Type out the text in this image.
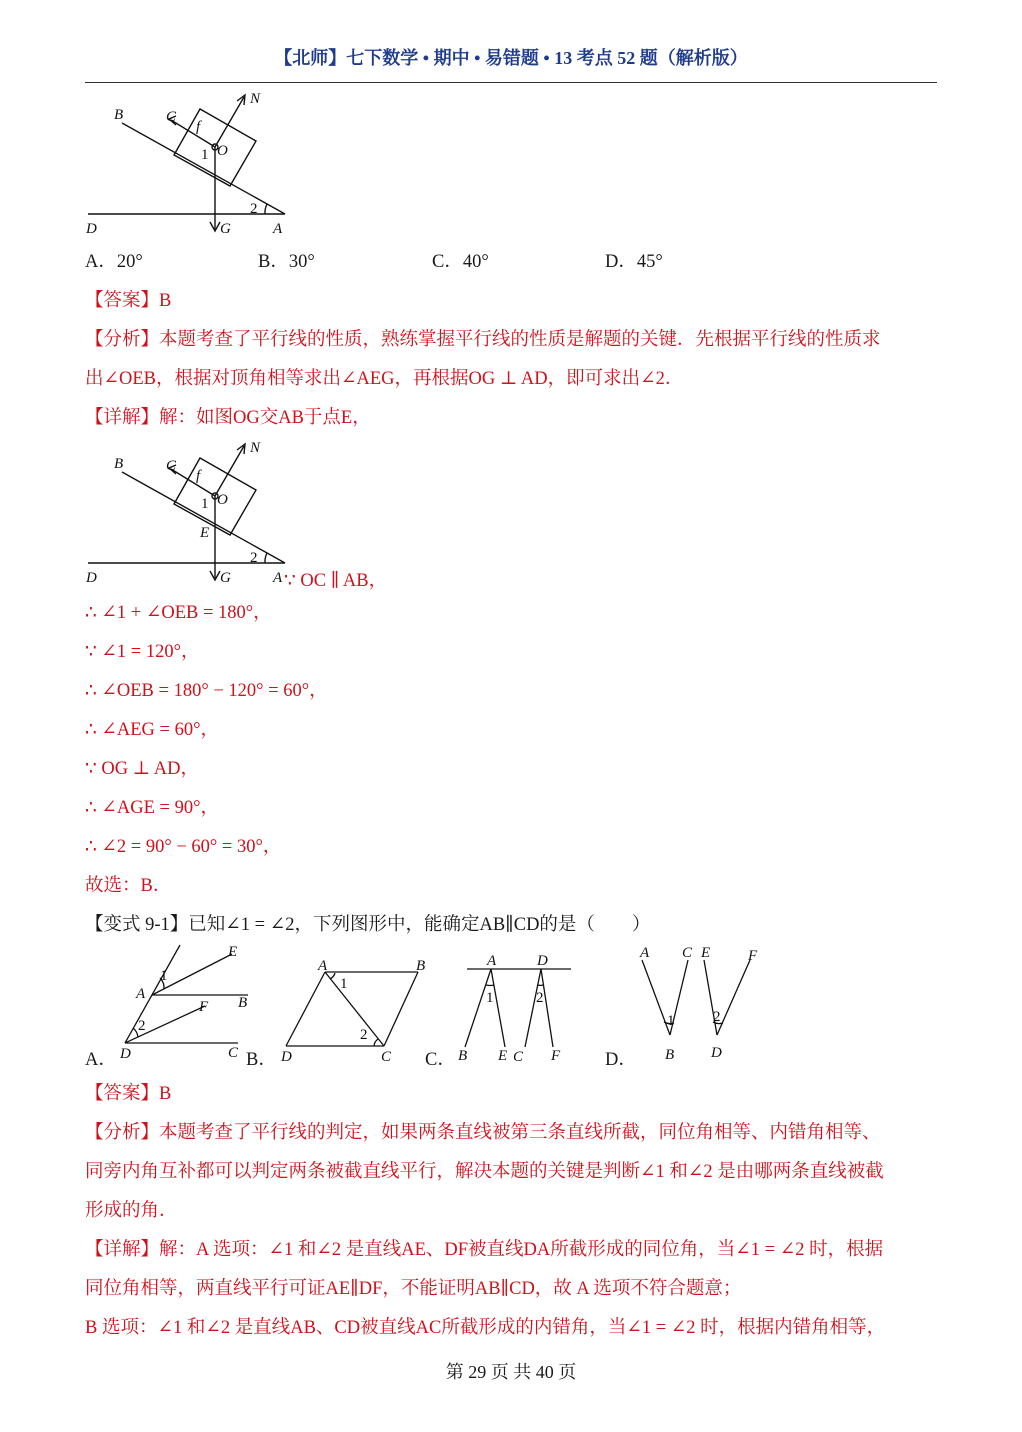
【北师】七下数学 • 期中 • 易错题 • 13 考点 52 题（解析版）
B	C
f
N
1 O
2
D	G	A
A．20°	B．30°	C．40°	D．45°
【答案】B
【分析】本题考查了平行线的性质，熟练掌握平行线的性质是解题的关键．先根据平行线的性质求
出∠OEB，根据对顶角相等求出∠AEG，再根据OG ⊥ AD，即可求出∠2．
【详解】解：如图OG交AB于点E，
B	C
f
N
1 O
E
2
D	G	A ∵ OC ∥ AB，
∴ ∠1 + ∠OEB = 180°，
∵ ∠1 = 120°，
∴ ∠OEB = 180° − 120° = 60°，
∴ ∠AEG = 60°，
∵ OG ⊥ AD，
∴ ∠AGE = 90°，
∴ ∠2 = 90° − 60° = 30°，
故选：B．
【变式 9-1】已知∠1 = ∠2，下列图形中，能确定AB∥CD的是（　　）
A．	B．	C．	D．
E
1
A
B
F
2
D	C
A
1
B
2
D	C
A	D
1	2
B E C F
A C E	F
1	2
B D
【答案】B
【分析】本题考查了平行线的判定，如果两条直线被第三条直线所截，同位角相等、内错角相等、
同旁内角互补都可以判定两条被截直线平行，解决本题的关键是判断∠1 和∠2 是由哪两条直线被截
形成的角．
【详解】解：A 选项：∠1 和∠2 是直线AE、DF被直线DA所截形成的同位角，当∠1 = ∠2 时，根据
同位角相等，两直线平行可证AE∥DF，不能证明AB∥CD，故 A 选项不符合题意；
B 选项：∠1 和∠2 是直线AB、CD被直线AC所截形成的内错角，当∠1 = ∠2 时，根据内错角相等，
第 29 页 共 40 页
